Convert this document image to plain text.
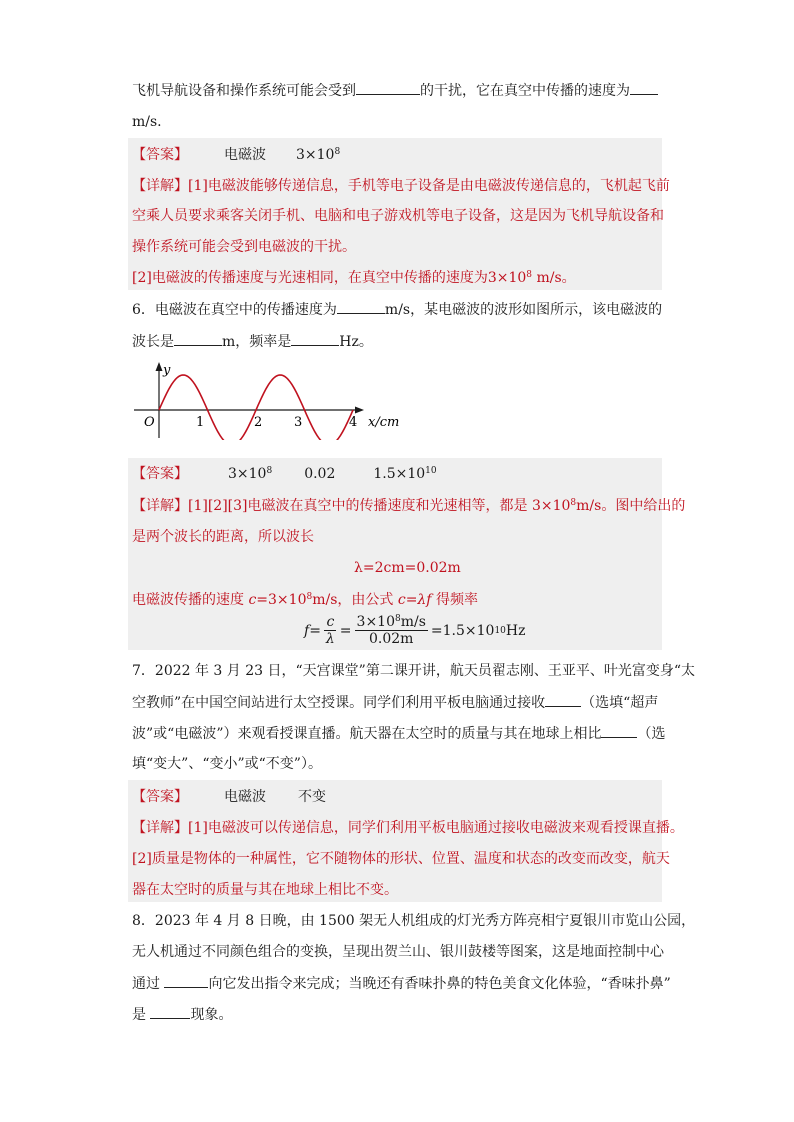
飞机导航设备和操作系统可能会受到	的干扰，它在真空中传播的速度为
m/s.
【答案】	电磁波 $3\times 10^8$
【详解】[1]电磁波能够传递信息，手机等电子设备是由电磁波传递信息的，飞机起飞前
空乘人员要求乘客关闭手机、电脑和电子游戏机等电子设备，这是因为飞机导航设备和
操作系统可能会受到电磁波的干扰。
[2]电磁波的传播速度与光速相同，在真空中传播的速度为$3\times 10^8$ m/s。
6．电磁波在真空中的传播速度为	m/s，某电磁波的波形如图所示，该电磁波的
波长是	m，频率是	Hz。
y
O	1	2 3	4 x/cm
【答案】	$3\times 10^8$ 0.02	$1.5\times 10^{10}$
【详解】[1][2][3]电磁波在真空中的传播速度和光速相等，都是 $3\times 10^8m/s$。图中给出的
是两个波长的距离，所以波长
λ=2cm=0.02m
电磁波传播的速度 $c=3\times 10^8m/s$，由公式 c=λf 得频率
$f = \frac{c}{\lambda} = \frac{3\times 10^8m/s}{0.02m} =1.5\times 10$ 10 Hz
7．2022 年 3 月 23 日，“天宫课堂”第二课开讲，航天员翟志刚、王亚平、叶光富变身“太
空教师”在中国空间站进行太空授课。同学们利用平板电脑通过接收	（选填“超声
波”或“电磁波”）来观看授课直播。航天器在太空时的质量与其在地球上相比	（选
填“变大”、“变小”或“不变”）。
【答案】	电磁波 不变
【详解】[1]电磁波可以传递信息，同学们利用平板电脑通过接收电磁波来观看授课直播。
[2]质量是物体的一种属性，它不随物体的形状、位置、温度和状态的改变而改变，航天
器在太空时的质量与其在地球上相比不变。
8．2023 年 4 月 8 日晚，由 1500 架无人机组成的灯光秀方阵亮相宁夏银川市览山公园，
无人机通过不同颜色组合的变换，呈现出贺兰山、银川鼓楼等图案，这是地面控制中心
通过	向它发出指令来完成；当晚还有香味扑鼻的特色美食文化体验，“香味扑鼻”
是	现象。
